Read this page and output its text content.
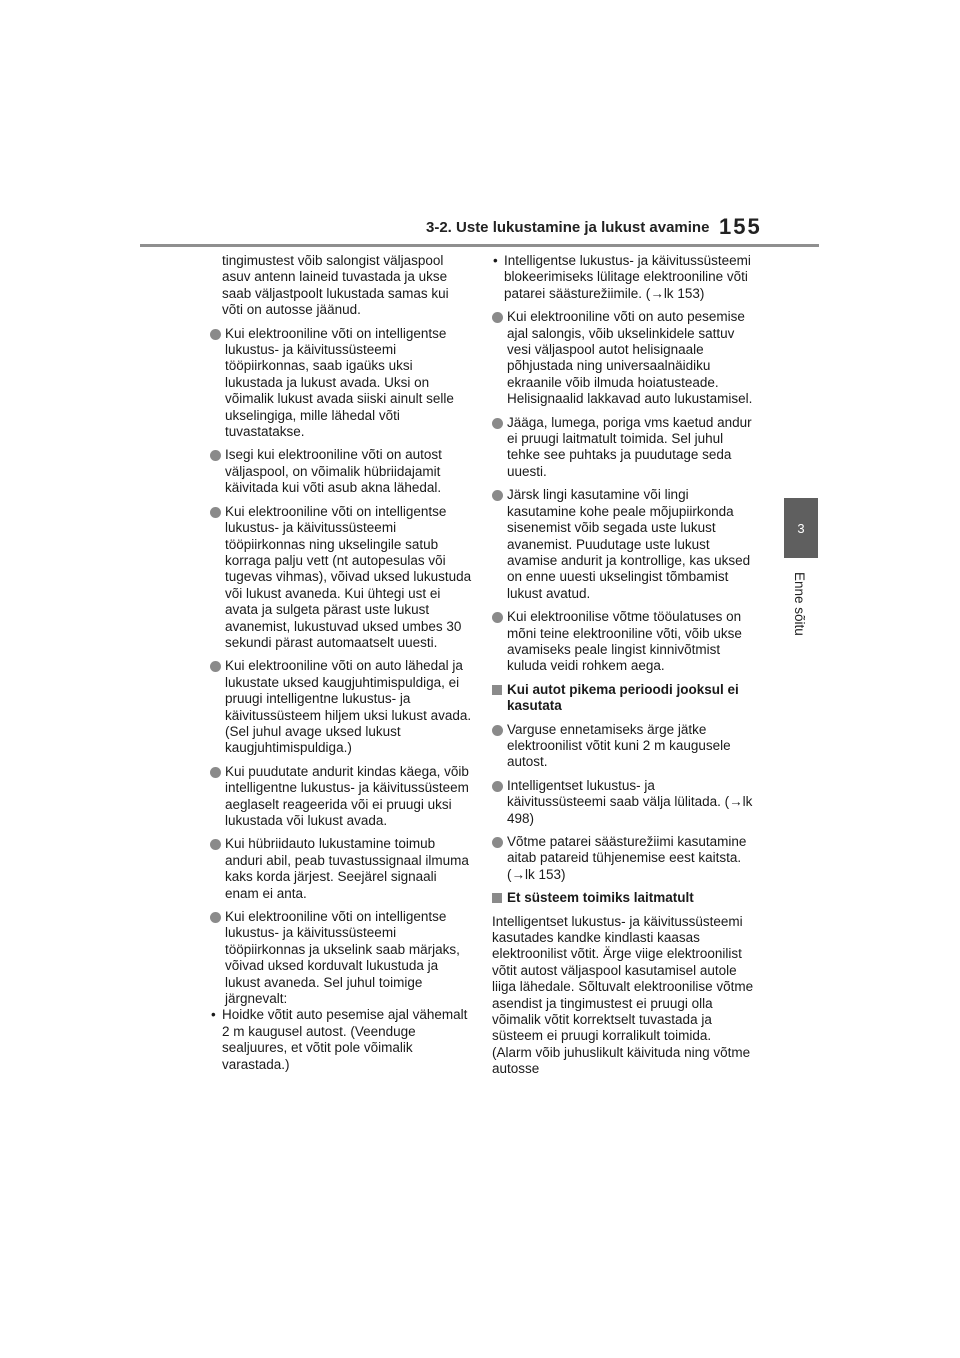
3-2. Uste lukustamine ja lukust avamine 155
3
Enne sõitu

tingimustest võib salongist väljaspool asuv antenn laineid tuvastada ja ukse saab väljastpoolt lukustada samas kui võti on autosse jäänud.

Kui elektrooniline võti on intelligentse lukustus- ja käivitussüsteemi tööpiirkonnas, saab igaüks uksi lukustada ja lukust avada. Uksi on võimalik lukust avada siiski ainult selle ukselingiga, mille lähedal võti tuvastatakse.
Isegi kui elektrooniline võti on autost väljaspool, on võimalik hübriidajamit käivitada kui võti asub akna lähedal.
Kui elektrooniline võti on intelligentse lukustus- ja käivitussüsteemi tööpiirkonnas ning ukselingile satub korraga palju vett (nt autopesulas või tugevas vihmas), võivad uksed lukustuda või lukust avaneda. Kui ühtegi ust ei avata ja sulgeta pärast uste lukust avanemist, lukustuvad uksed umbes 30 sekundi pärast automaatselt uuesti.
Kui elektrooniline võti on auto lähedal ja lukustate uksed kaugjuhtimispuldiga, ei pruugi intelligentne lukustus- ja käivitussüsteem hiljem uksi lukust avada. (Sel juhul avage uksed lukust kaugjuhtimispuldiga.)
Kui puudutate andurit kindas käega, võib intelligentne lukustus- ja käivitussüsteem aeglaselt reageerida või ei pruugi uksi lukustada või lukust avada.
Kui hübriidauto lukustamine toimub anduri abil, peab tuvastussignaal ilmuma kaks korda järjest. Seejärel signaali enam ei anta.
Kui elektrooniline võti on intelligentse lukustus- ja käivitussüsteemi tööpiirkonnas ja ukselink saab märjaks, võivad uksed korduvalt lukustuda ja lukust avaneda. Sel juhul toimige järgnevalt:
• Hoidke võtit auto pesemise ajal vähemalt 2 m kaugusel autost. (Veenduge sealjuures, et võtit pole võimalik varastada.)
• Intelligentse lukustus- ja käivitussüsteemi blokeerimiseks lülitage elektrooniline võti patarei säästurežiimile. (→lk 153)
Kui elektrooniline võti on auto pesemise ajal salongis, võib ukselinkidele sattuv vesi väljaspool autot helisignaale põhjustada ning universaalnäidiku ekraanile võib ilmuda hoiatusteade. Helisignaalid lakkavad auto lukustamisel.
Jääga, lumega, poriga vms kaetud andur ei pruugi laitmatult toimida. Sel juhul tehke see puhtaks ja puudutage seda uuesti.
Järsk lingi kasutamine või lingi kasutamine kohe peale mõjupiirkonda sisenemist võib segada uste lukust avanemist. Puudutage uste lukust avamise andurit ja kontrollige, kas uksed on enne uuesti ukselingist tõmbamist lukust avatud.
Kui elektroonilise võtme tööulatuses on mõni teine elektrooniline võti, võib ukse avamiseks peale lingist kinnivõtmist kuluda veidi rohkem aega.
Kui autot pikema perioodi jooksul ei kasutata
Varguse ennetamiseks ärge jätke elektroonilist võtit kuni 2 m kaugusele autost.
Intelligentset lukustus- ja käivitussüsteemi saab välja lülitada. (→lk 498)
Võtme patarei säästurežiimi kasutamine aitab patareid tühjenemise eest kaitsta. (→lk 153)
Et süsteem toimiks laitmatult

Intelligentset lukustus- ja käivitussüsteemi kasutades kandke kindlasti kaasas elektroonilist võtit. Ärge viige elektroonilist võtit autost väljaspool kasutamisel autole liiga lähedale. Sõltuvalt elektroonilise võtme asendist ja tingimustest ei pruugi olla võimalik võtit korrektselt tuvastada ja süsteem ei pruugi korralikult toimida. (Alarm võib juhuslikult käivituda ning võtme autosse
